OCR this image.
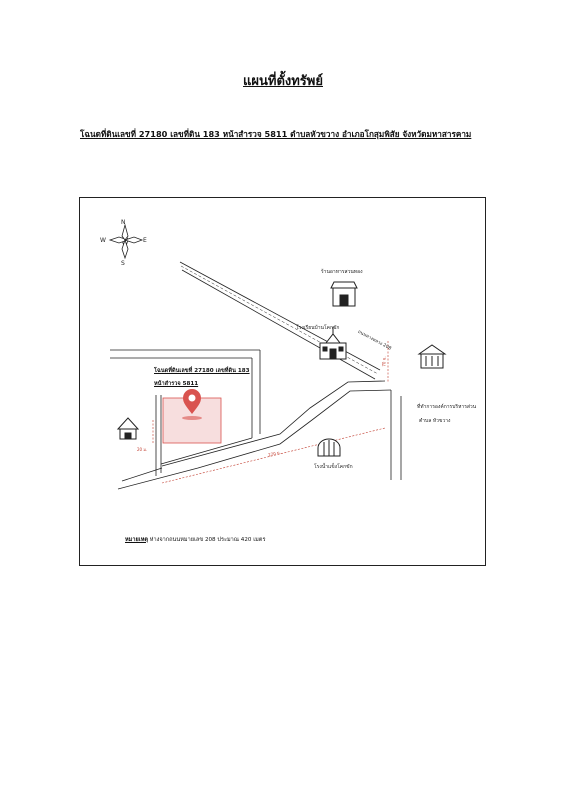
แผนที่ตั้งทรัพย์
โฉนดที่ดินเลขที่ 27180 เลขที่ดิน 183 หน้าสำรวจ 5811 ตำบลหัวขวาง อำเภอโกสุมพิสัย จังหวัดมหาสารคาม
N
S
E
W
ร้านอาหารสวนทอง
โรงเรียนบ้านโคกขัก
ที่ทำการองค์การบริหารส่วน
ตำบล หัวขวาง
โรงน้ำแข็งโคกขัก
ถนนทางหลวง 208
โฉนดที่ดินเลขที่ 27180 เลขที่ดิน 183
หน้าสำรวจ 5811
20 ม.
270 ม.
70 ม.
หมายเหตุ ห่างจากถนนหมายเลข 208 ประมาณ 420 เมตร
